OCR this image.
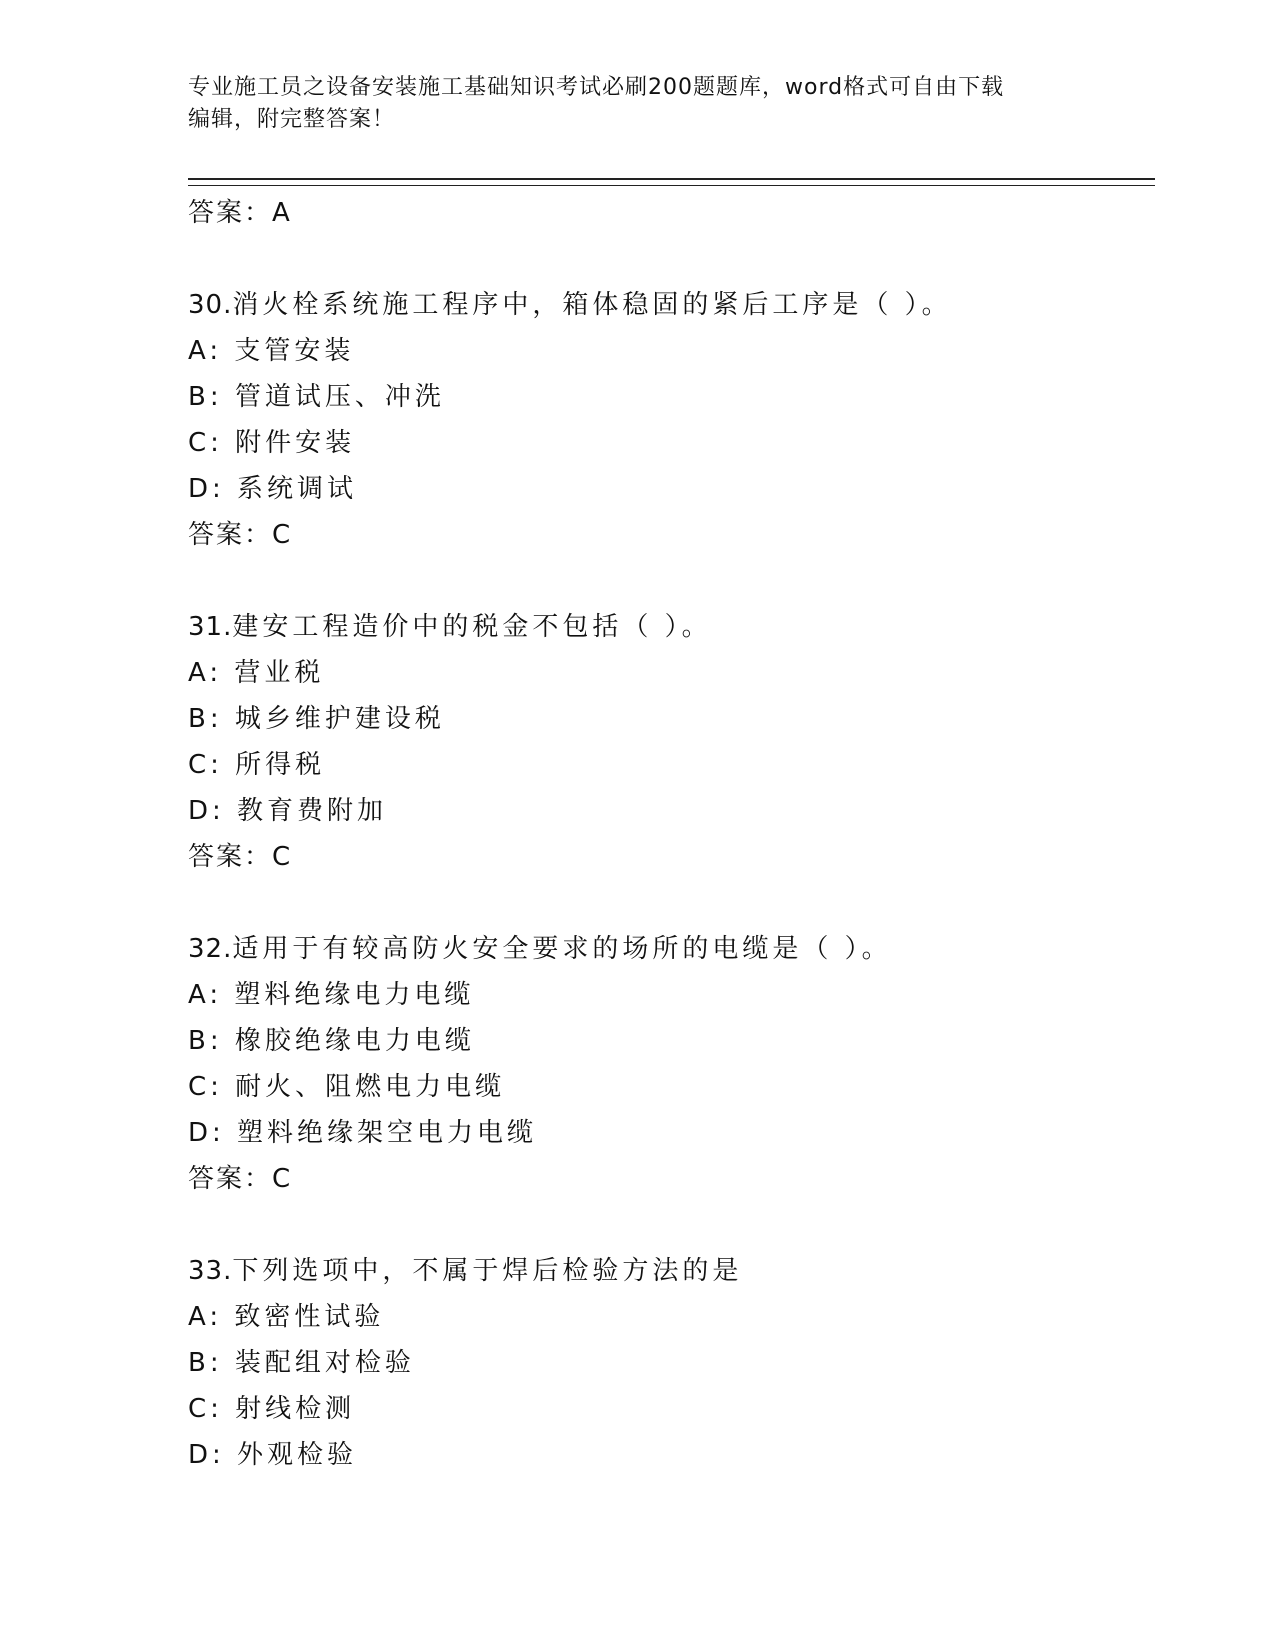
专业施工员之设备安装施工基础知识考试必刷200题题库，word格式可自由下载
编辑，附完整答案！
答案：A
30.消火栓系统施工程序中，箱体稳固的紧后工序是（ ）。
A: 支管安装
B: 管道试压、冲洗
C: 附件安装
D: 系统调试
答案：C
31.建安工程造价中的税金不包括（ ）。
A: 营业税
B: 城乡维护建设税
C: 所得税
D: 教育费附加
答案：C
32.适用于有较高防火安全要求的场所的电缆是（ ）。
A: 塑料绝缘电力电缆
B: 橡胶绝缘电力电缆
C: 耐火、阻燃电力电缆
D: 塑料绝缘架空电力电缆
答案：C
33.下列选项中，不属于焊后检验方法的是
A: 致密性试验
B: 装配组对检验
C: 射线检测
D: 外观检验
